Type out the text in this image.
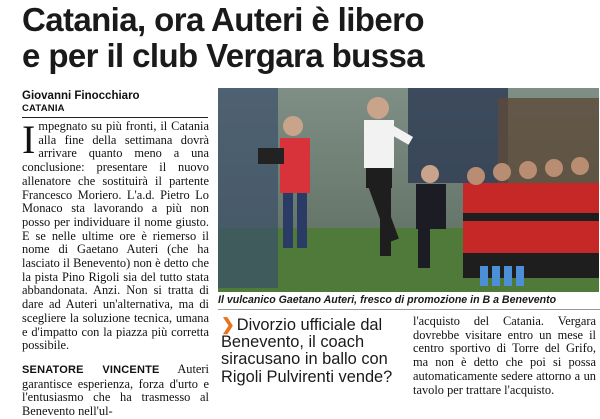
Catania, ora Auteri è libero
e per il club Vergara bussa
Giovanni Finocchiaro
CATANIA

Impegnato su più fronti, il Catania alla fine della settimana dovrà arrivare quanto meno a una conclusione: presentare il nuovo allenatore che sostituirà il partente Francesco Moriero. L'a.d. Pietro Lo Monaco sta lavorando a più non posso per individuare il nome giusto. E se nelle ultime ore è riemerso il nome di Gaetano Auteri (che ha lasciato il Benevento) non è detto che la pista Pino Rigoli sia del tutto stata abbandonata. Anzi. Non si tratta di dare ad Auteri un'alternativa, ma di scegliere la soluzione tecnica, umana e d'impatto con la piazza più corretta possibile.

SENATORE VINCENTE Auteri garantisce esperienza, forza d'urto e l'entusiasmo che ha trasmesso al Benevento nell'ul-

Il vulcanico Gaetano Auteri, fresco di promozione in B a Benevento
❯ Divorzio ufficiale dal Benevento, il coach siracusano in ballo con Rigoli Pulvirenti vende?

l'acquisto del Catania. Vergara dovrebbe visitare entro un mese il centro sportivo di Torre del Grifo, ma non è detto che poi si possa automaticamente sedere attorno a un tavolo per trattare l'acquisto.
